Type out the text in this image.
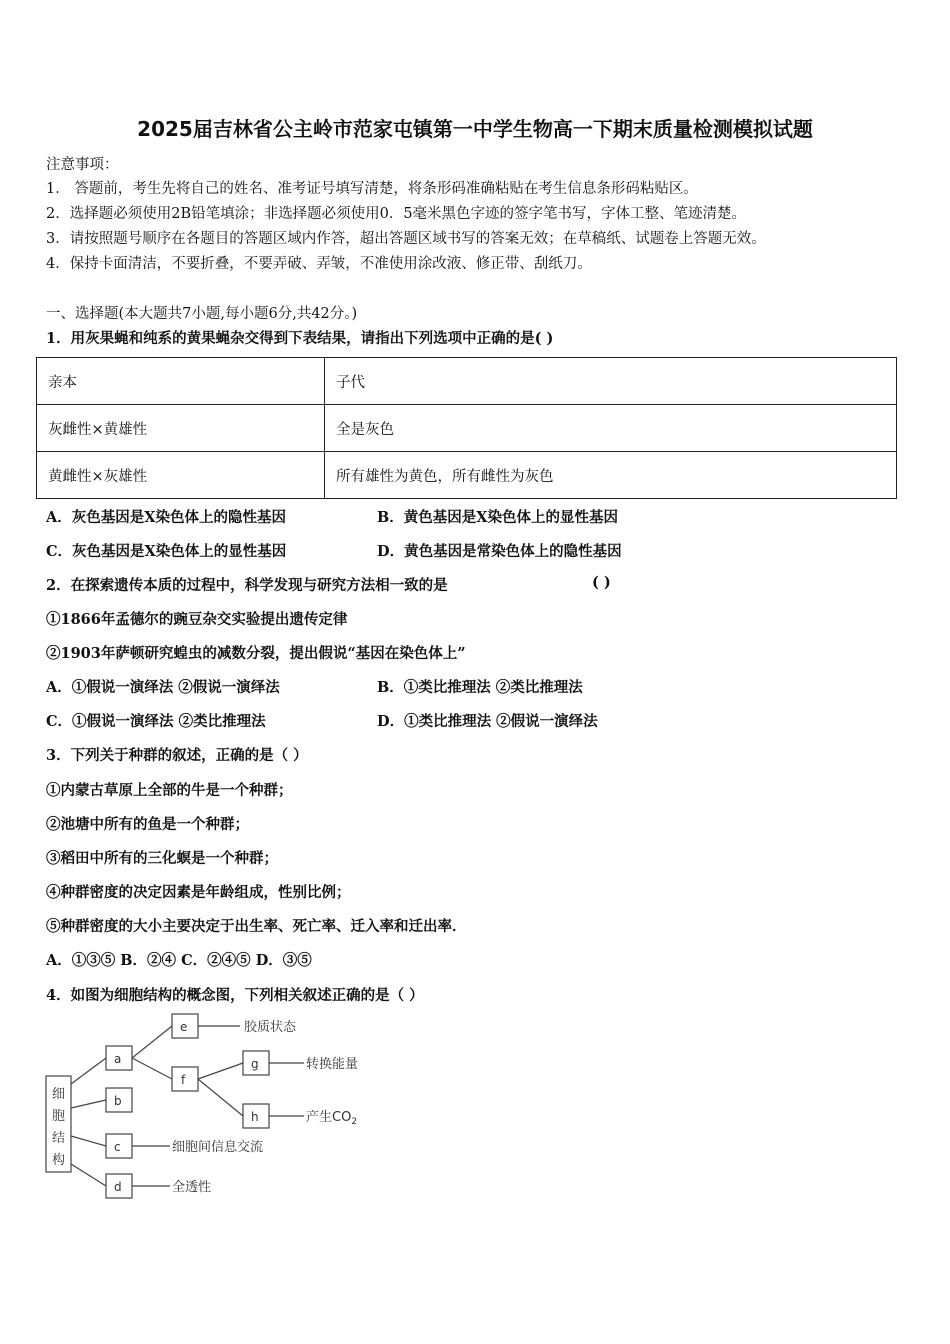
2025届吉林省公主岭市范家屯镇第一中学生物高一下期末质量检测模拟试题
注意事项：
1． 答题前，考生先将自己的姓名、准考证号填写清楚，将条形码准确粘贴在考生信息条形码粘贴区。
2．选择题必须使用2B铅笔填涂；非选择题必须使用0．5毫米黑色字迹的签字笔书写，字体工整、笔迹清楚。
3．请按照题号顺序在各题目的答题区域内作答，超出答题区域书写的答案无效；在草稿纸、试题卷上答题无效。
4．保持卡面清洁，不要折叠，不要弄破、弄皱，不准使用涂改液、修正带、刮纸刀。
一、选择题(本大题共7小题,每小题6分,共42分。)
1．用灰果蝇和纯系的黄果蝇杂交得到下表结果，请指出下列选项中正确的是( )
亲本	子代
灰雌性×黄雄性	全是灰色
黄雌性×灰雄性	所有雄性为黄色，所有雌性为灰色
A．灰色基因是X染色体上的隐性基因	B．黄色基因是X染色体上的显性基因
C．灰色基因是X染色体上的显性基因	D．黄色基因是常染色体上的隐性基因
2．在探索遗传本质的过程中，科学发现与研究方法相一致的是	( )
①1866年孟德尔的豌豆杂交实验提出遗传定律
②1903年萨顿研究蝗虫的减数分裂，提出假说“基因在染色体上”
A．①假说一演绎法 ②假说一演绎法	B．①类比推理法 ②类比推理法
C．①假说一演绎法 ②类比推理法	D．①类比推理法 ②假说一演绎法
3．下列关于种群的叙述，正确的是（ ）
①内蒙古草原上全部的牛是一个种群；
②池塘中所有的鱼是一个种群；
③稻田中所有的三化螟是一个种群；
④种群密度的决定因素是年龄组成，性别比例；
⑤种群密度的大小主要决定于出生率、死亡率、迁入率和迁出率．
A．①③⑤ B．②④ C．②④⑤ D．③⑤
4．如图为细胞结构的概念图，下列相关叙述正确的是（ ）
细
胞
结
构
a
b
c
d
e
f
g
h
胶质状态
转换能量
产生$CO_2$
细胞间信息交流
全透性
